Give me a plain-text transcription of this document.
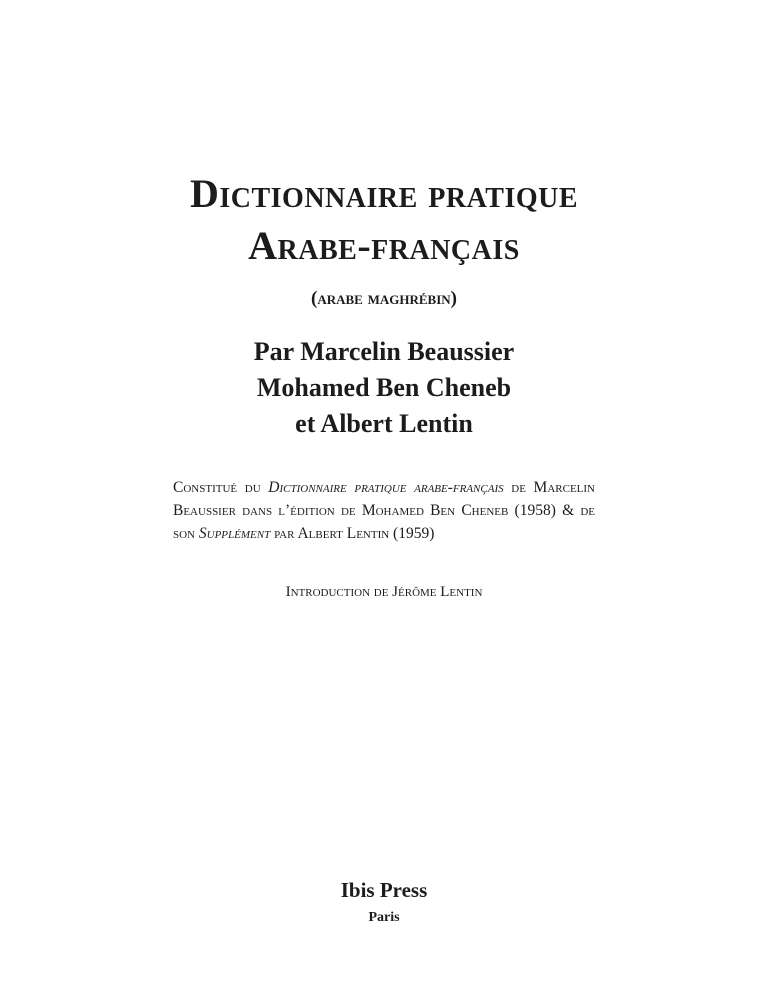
Dictionnaire pratique
Arabe-français
(arabe maghrébin)
Par Marcelin Beaussier
Mohamed Ben Cheneb
et Albert Lentin
Constitué du Dictionnaire pratique arabe-français de Marcelin Beaussier dans l’édition de Mohamed Ben Cheneb (1958) & de son Supplément par Albert Lentin (1959)
Introduction de Jérôme Lentin
Ibis Press
Paris
